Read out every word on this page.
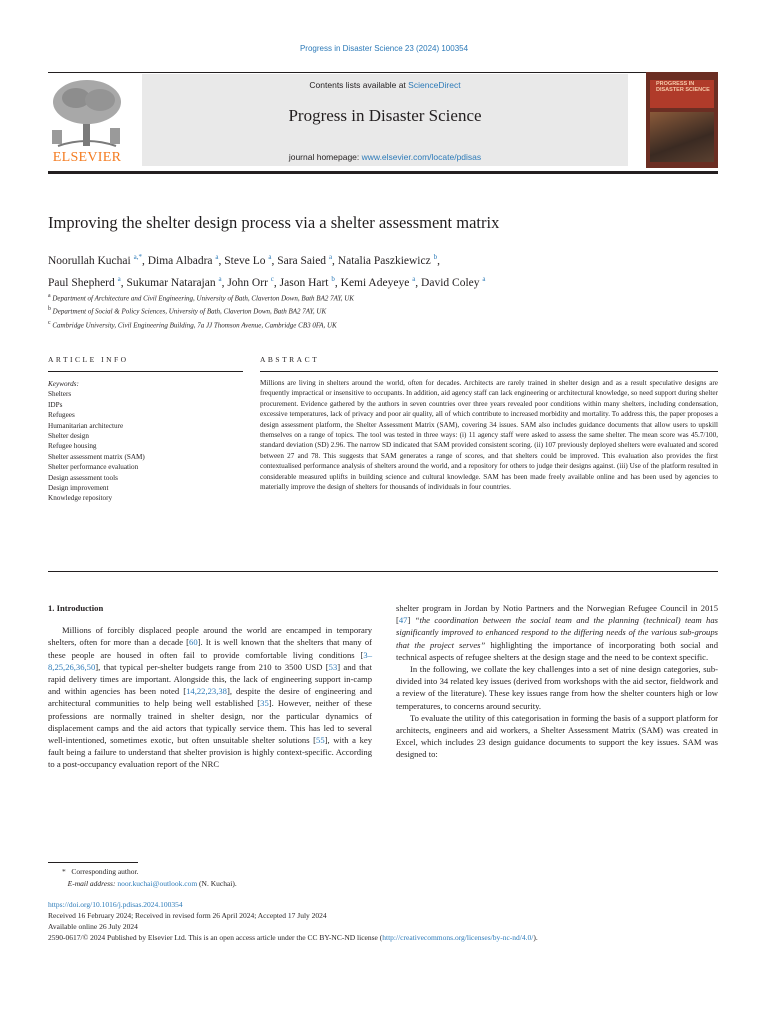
Progress in Disaster Science 23 (2024) 100354
ELSEVIER
Contents lists available at ScienceDirect
Progress in Disaster Science
journal homepage: www.elsevier.com/locate/pdisas
PROGRESS IN DISASTER SCIENCE
Improving the shelter design process via a shelter assessment matrix
Noorullah Kuchai $^{a,*}$, Dima Albadra $^a$, Steve Lo $^a$, Sara Saied $^a$, Natalia Paszkiewicz $^b$,
Paul Shepherd $^a$, Sukumar Natarajan $^a$, John Orr $^c$, Jason Hart $^b$, Kemi Adeyeye $^a$, David Coley $^a$
$^a$ Department of Architecture and Civil Engineering, University of Bath, Claverton Down, Bath BA2 7AY, UK
$^b$ Department of Social & Policy Sciences, University of Bath, Claverton Down, Bath BA2 7AY, UK
$^c$ Cambridge University, Civil Engineering Building, 7a JJ Thomson Avenue, Cambridge CB3 0FA, UK
ARTICLE INFO	ABSTRACT
Keywords:
Shelters
IDPs
Refugees
Humanitarian architecture
Shelter design
Refugee housing
Shelter assessment matrix (SAM)
Shelter performance evaluation
Design assessment tools
Design improvement
Knowledge repository
Millions are living in shelters around the world, often for decades. Architects are rarely trained in shelter design and as a result speculative designs are frequently impractical or insensitive to occupants. In addition, aid agency staff can lack engineering or architectural knowledge, so need support during shelter procurement. Evidence gathered by the authors in seven countries over three years revealed poor conditions within many shelters, including condensation, excessive temperatures, lack of privacy and poor air quality, all of which contribute to increased morbidity and mortality. To address this, the paper proposes a design assessment platform, the Shelter Assessment Matrix (SAM), covering 34 issues. SAM also includes guidance documents that allow users to upskill themselves on a range of topics. The tool was tested in three ways: (i) 11 agency staff were asked to assess the same shelter. The mean score was 45.7/100, standard deviation (SD) 2.96. The narrow SD indicated that SAM provided consistent scoring. (ii) 107 previously deployed shelters were evaluated and scored between 27 and 78. This suggests that SAM generates a range of scores, and that shelters could be improved. This evaluation also provides the first contextualised performance analysis of shelters around the world, and a repository for others to judge their designs against. (iii) Use of the platform resulted in considerable measured uplifts in building science and cultural knowledge. SAM has been made freely available online and has been used by agencies to materially improve the design of shelters for thousands of individuals in four countries.
1. Introduction

Millions of forcibly displaced people around the world are encamped in temporary shelters, often for more than a decade [60]. It is well known that the shelters that many of these people are housed in often fail to provide comfortable living conditions [3–8,25,26,36,50], that typical per-shelter budgets range from 210 to 3500 USD [53] and that rapid delivery times are important. Alongside this, the lack of engineering support in-camp and within agencies has been noted [14,22,23,38], despite the desire of engineering and architectural communities to help being well established [35]. However, neither of these professions are normally trained in shelter design, nor the particular dynamics of displacement camps and the aid actors that typically service them. This has led to several well-intentioned, sometimes exotic, but often unsuitable shelter solutions [55], with a key fault being a failure to understand that shelter provision is highly context-specific. According to a post-occupancy evaluation report of the NRC

shelter program in Jordan by Notio Partners and the Norwegian Refugee Council in 2015 [47] “the coordination between the social team and the planning (technical) team has significantly improved to enhanced respond to the differing needs of the various sub-groups that the project serves” highlighting the importance of incorporating both social and technical aspects of refugee shelters at the design stage and the need to be context specific.

In the following, we collate the key challenges into a set of nine design categories, sub-divided into 34 related key issues (derived from workshops with the aid sector, fieldwork and a review of the literature). These key issues range from how the shelter counters high or low temperatures, to concerns around security.

To evaluate the utility of this categorisation in forming the basis of a support platform for architects, engineers and aid workers, a Shelter Assessment Matrix (SAM) was created in Excel, which includes 23 design guidance documents to support the key issues. SAM was designed to:

* Corresponding author.
E-mail address: noor.kuchai@outlook.com (N. Kuchai).
https://doi.org/10.1016/j.pdisas.2024.100354
Received 16 February 2024; Received in revised form 26 April 2024; Accepted 17 July 2024
Available online 26 July 2024
2590-0617/© 2024 Published by Elsevier Ltd. This is an open access article under the CC BY-NC-ND license (http://creativecommons.org/licenses/by-nc-nd/4.0/).
